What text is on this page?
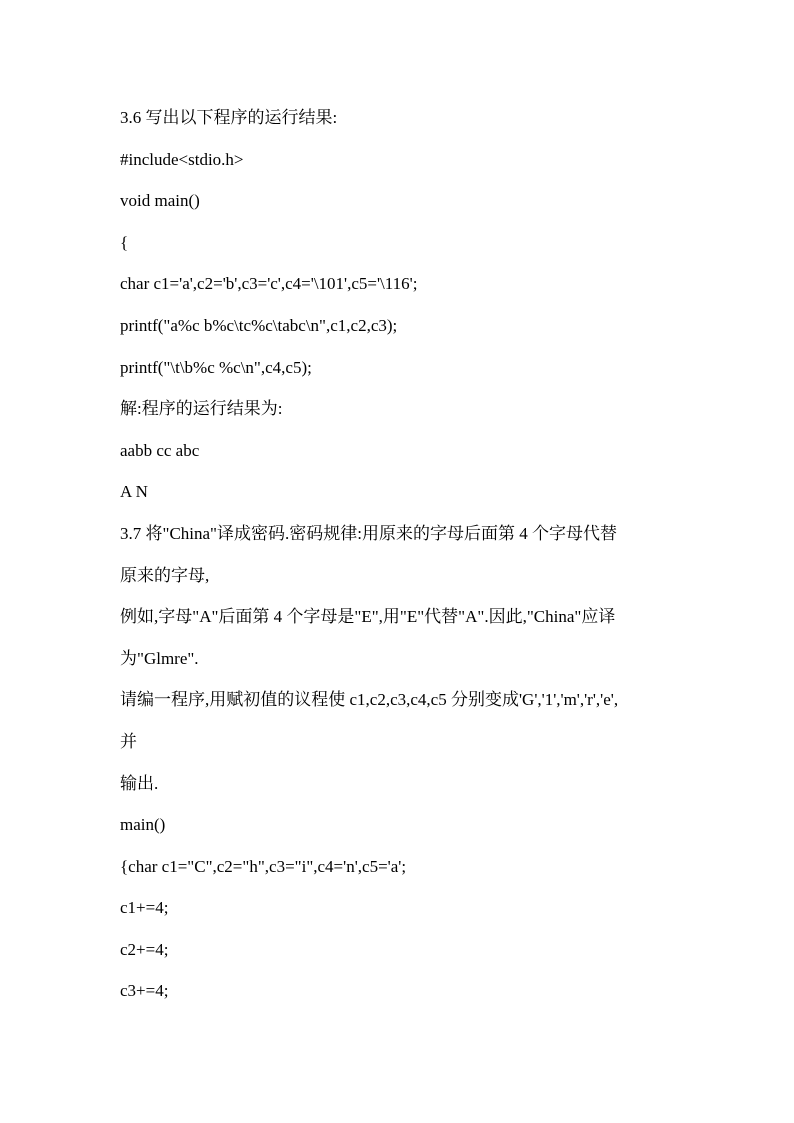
3.6 写出以下程序的运行结果:
#include<stdio.h>
void main()
{
char c1='a',c2='b',c3='c',c4='\101',c5='\116';
printf("a%c b%c\tc%c\tabc\n",c1,c2,c3);
printf("\t\b%c %c\n",c4,c5);
解:程序的运行结果为:
aabb cc abc
A N
3.7 将"China"译成密码.密码规律:用原来的字母后面第 4 个字母代替
原来的字母,
例如,字母"A"后面第 4 个字母是"E",用"E"代替"A".因此,"China"应译
为"Glmre".
请编一程序,用赋初值的议程使 c1,c2,c3,c4,c5 分别变成'G','1','m','r','e',
并
输出.
main()
{char c1="C",c2="h",c3="i",c4='n',c5='a';
c1+=4;
c2+=4;
c3+=4;
